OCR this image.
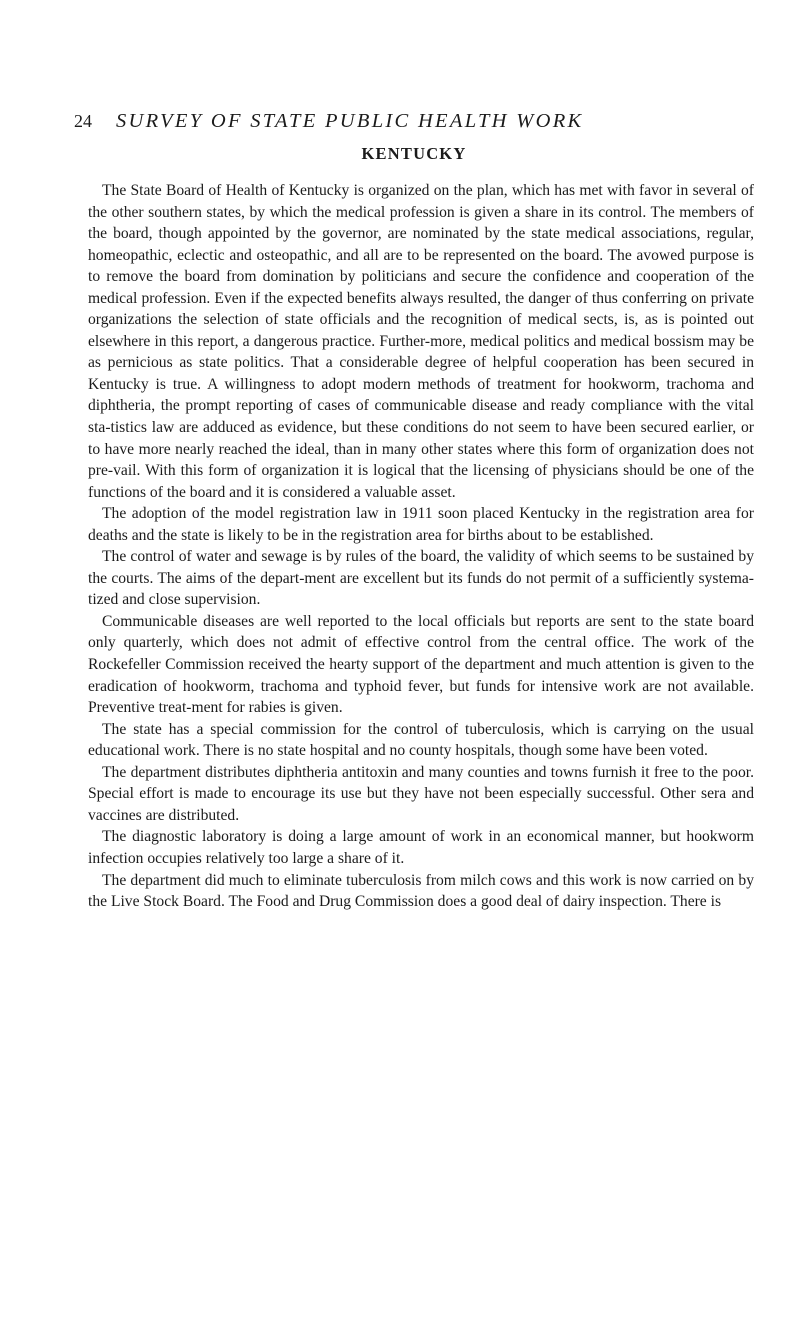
24 SURVEY OF STATE PUBLIC HEALTH WORK
KENTUCKY

The State Board of Health of Kentucky is organized on the plan, which has met with favor in several of the other southern states, by which the medical profession is given a share in its control. The members of the board, though appointed by the governor, are nominated by the state medical associations, regular, homeopathic, eclectic and osteopathic, and all are to be represented on the board. The avowed purpose is to remove the board from domination by politicians and secure the confidence and cooperation of the medical profession. Even if the expected benefits always resulted, the danger of thus conferring on private organizations the selection of state officials and the recognition of medical sects, is, as is pointed out elsewhere in this report, a dangerous practice. Further-more, medical politics and medical bossism may be as pernicious as state politics. That a considerable degree of helpful cooperation has been secured in Kentucky is true. A willingness to adopt modern methods of treatment for hookworm, trachoma and diphtheria, the prompt reporting of cases of communicable disease and ready compliance with the vital sta-tistics law are adduced as evidence, but these conditions do not seem to have been secured earlier, or to have more nearly reached the ideal, than in many other states where this form of organization does not pre-vail. With this form of organization it is logical that the licensing of physicians should be one of the functions of the board and it is considered a valuable asset.

The adoption of the model registration law in 1911 soon placed Kentucky in the registration area for deaths and the state is likely to be in the registration area for births about to be established.

The control of water and sewage is by rules of the board, the validity of which seems to be sustained by the courts. The aims of the depart-ment are excellent but its funds do not permit of a sufficiently systema-tized and close supervision.

Communicable diseases are well reported to the local officials but reports are sent to the state board only quarterly, which does not admit of effective control from the central office. The work of the Rockefeller Commission received the hearty support of the department and much attention is given to the eradication of hookworm, trachoma and typhoid fever, but funds for intensive work are not available. Preventive treat-ment for rabies is given.

The state has a special commission for the control of tuberculosis, which is carrying on the usual educational work. There is no state hospital and no county hospitals, though some have been voted.

The department distributes diphtheria antitoxin and many counties and towns furnish it free to the poor. Special effort is made to encourage its use but they have not been especially successful. Other sera and vaccines are distributed.

The diagnostic laboratory is doing a large amount of work in an economical manner, but hookworm infection occupies relatively too large a share of it.

The department did much to eliminate tuberculosis from milch cows and this work is now carried on by the Live Stock Board. The Food and Drug Commission does a good deal of dairy inspection. There is
